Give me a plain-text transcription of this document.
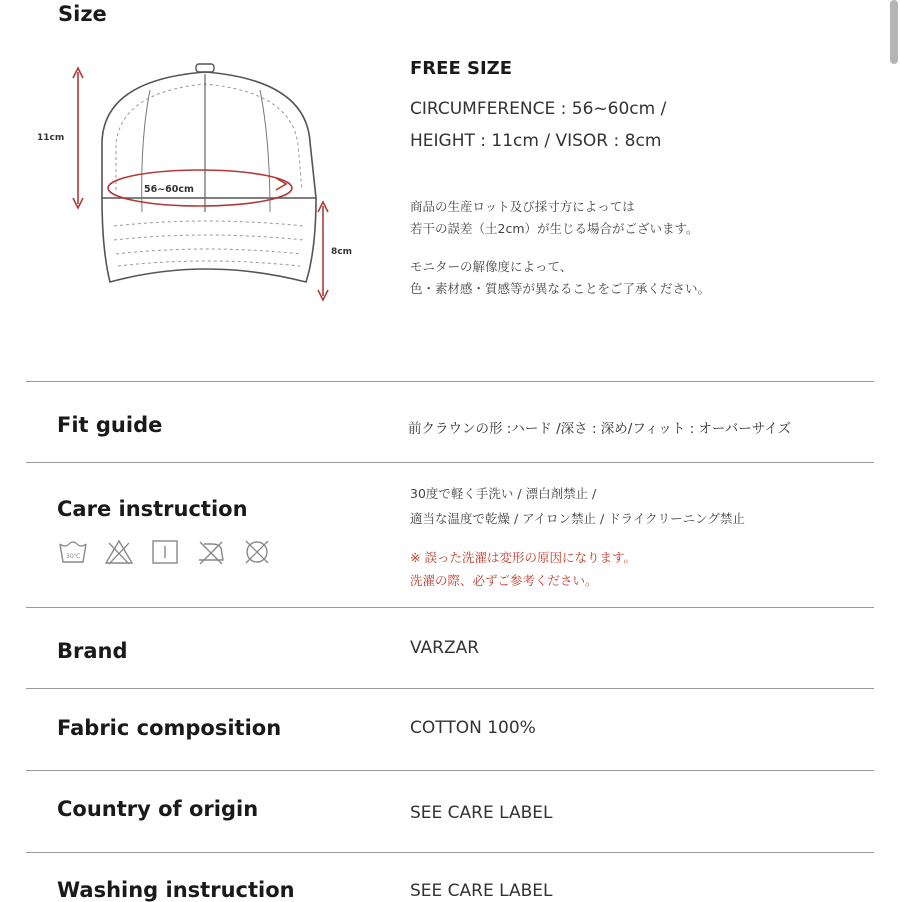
Size
11cm
56~60cm
8cm
FREE SIZE
CIRCUMFERENCE : 56~60cm /
HEIGHT : 11cm / VISOR : 8cm
商品の生産ロット及び採寸方によっては
若干の誤差（土2cm）が生じる場合がございます。
モニターの解像度によって、
色・素材感・質感等が異なることをご了承ください。
Fit guide	前クラウンの形 :ハード /深さ : 深め/フィット : オーバーサイズ
Care instruction
30℃
30度で軽く手洗い / 漂白剤禁止 /
適当な温度で乾燥 / アイロン禁止 / ドライクリーニング禁止
※ 誤った洗濯は変形の原因になります。
洗濯の際、必ずご参考ください。
Brand	VARZAR
Fabric composition	COTTON 100%
Country of origin	SEE CARE LABEL
Washing instruction	SEE CARE LABEL
